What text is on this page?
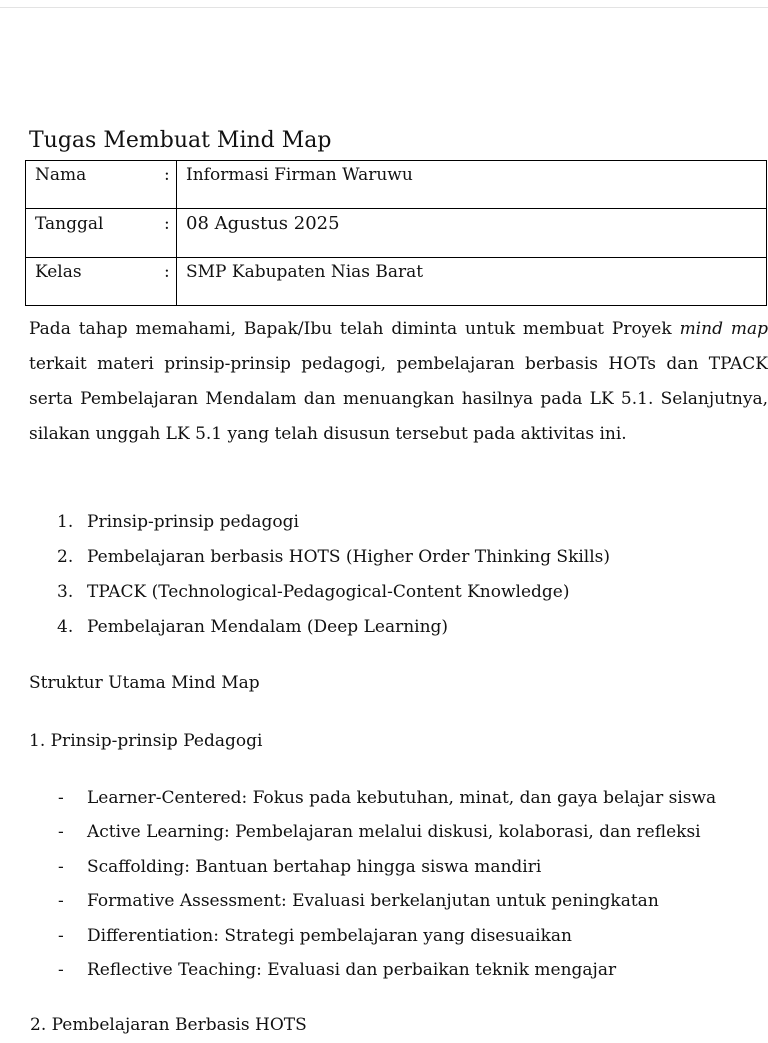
Tugas Membuat Mind Map
Nama	:	Informasi Firman Waruwu
Tanggal	:	08 Agustus 2025
Kelas	:	SMP Kabupaten Nias Barat
Pada tahap memahami, Bapak/Ibu telah diminta untuk membuat Proyek mind map terkait materi prinsip-prinsip pedagogi, pembelajaran berbasis HOTs dan TPACK serta Pembelajaran Mendalam dan menuangkan hasilnya pada LK 5.1. Selanjutnya, silakan unggah LK 5.1 yang telah disusun tersebut pada aktivitas ini.
1. Prinsip-prinsip pedagogi
2. Pembelajaran berbasis HOTS (Higher Order Thinking Skills)
3. TPACK (Technological-Pedagogical-Content Knowledge)
4. Pembelajaran Mendalam (Deep Learning)
Struktur Utama Mind Map
1. Prinsip-prinsip Pedagogi
- Learner-Centered: Fokus pada kebutuhan, minat, dan gaya belajar siswa
- Active Learning: Pembelajaran melalui diskusi, kolaborasi, dan refleksi
- Scaffolding: Bantuan bertahap hingga siswa mandiri
- Formative Assessment: Evaluasi berkelanjutan untuk peningkatan
- Differentiation: Strategi pembelajaran yang disesuaikan
- Reflective Teaching: Evaluasi dan perbaikan teknik mengajar
2. Pembelajaran Berbasis HOTS
